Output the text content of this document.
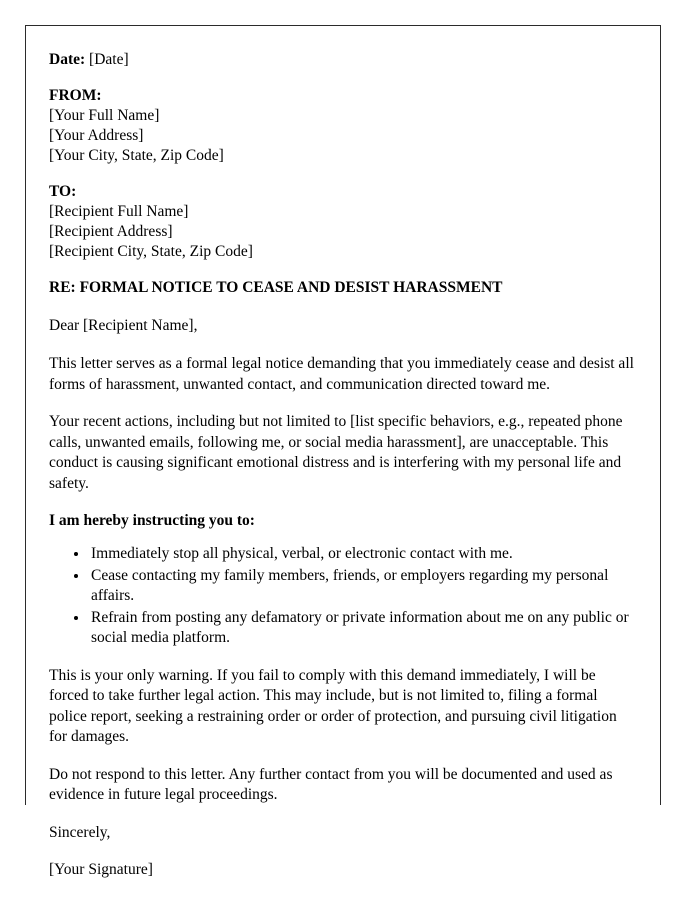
Date: [Date]
FROM:
[Your Full Name]
[Your Address]
[Your City, State, Zip Code]
TO:
[Recipient Full Name]
[Recipient Address]
[Recipient City, State, Zip Code]
RE: FORMAL NOTICE TO CEASE AND DESIST HARASSMENT
Dear [Recipient Name],
This letter serves as a formal legal notice demanding that you immediately cease and desist all forms of harassment, unwanted contact, and communication directed toward me.
Your recent actions, including but not limited to [list specific behaviors, e.g., repeated phone calls, unwanted emails, following me, or social media harassment], are unacceptable. This conduct is causing significant emotional distress and is interfering with my personal life and safety.
I am hereby instructing you to:
• Immediately stop all physical, verbal, or electronic contact with me.
• Cease contacting my family members, friends, or employers regarding my personal affairs.
• Refrain from posting any defamatory or private information about me on any public or social media platform.
This is your only warning. If you fail to comply with this demand immediately, I will be forced to take further legal action. This may include, but is not limited to, filing a formal police report, seeking a restraining order or order of protection, and pursuing civil litigation for damages.
Do not respond to this letter. Any further contact from you will be documented and used as evidence in future legal proceedings.
Sincerely,
[Your Signature]
